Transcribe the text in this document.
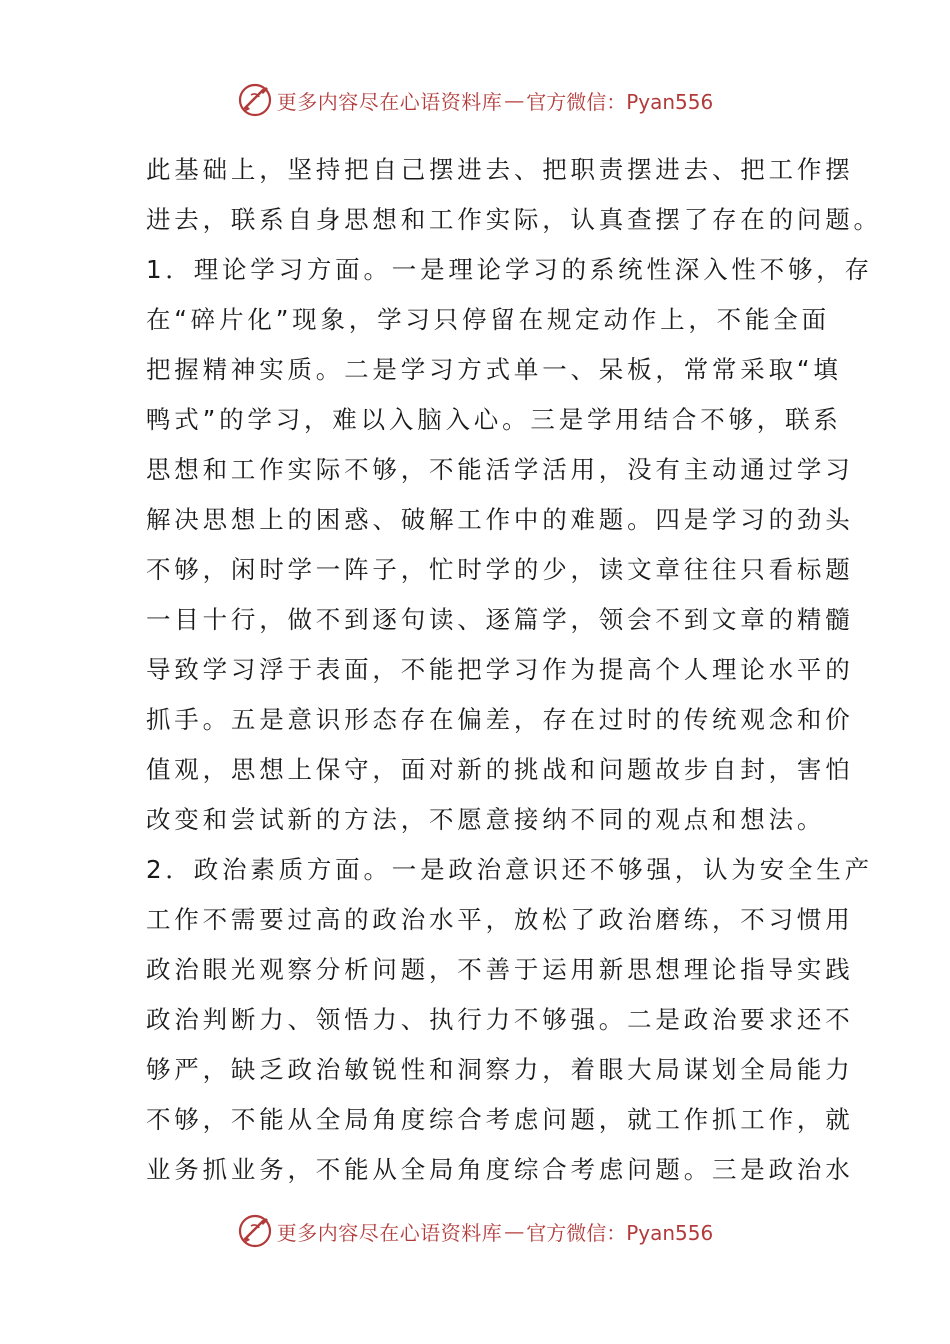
更多内容尽在心语资料库 — 官方微信：Pyan556
此基础上，坚持把自己摆进去、把职责摆进去、把工作摆
进去，联系自身思想和工作实际，认真查摆了存在的问题。
1．理论学习方面。一是理论学习的系统性深入性不够，存
在“碎片化”现象，学习只停留在规定动作上，不能全面
把握精神实质。二是学习方式单一、呆板，常常采取“填
鸭式”的学习，难以入脑入心。三是学用结合不够，联系
思想和工作实际不够，不能活学活用，没有主动通过学习
解决思想上的困惑、破解工作中的难题。四是学习的劲头
不够，闲时学一阵子，忙时学的少，读文章往往只看标题
一目十行，做不到逐句读、逐篇学，领会不到文章的精髓
导致学习浮于表面，不能把学习作为提高个人理论水平的
抓手。五是意识形态存在偏差，存在过时的传统观念和价
值观，思想上保守，面对新的挑战和问题故步自封，害怕
改变和尝试新的方法，不愿意接纳不同的观点和想法。
2．政治素质方面。一是政治意识还不够强，认为安全生产
工作不需要过高的政治水平，放松了政治磨练，不习惯用
政治眼光观察分析问题，不善于运用新思想理论指导实践
政治判断力、领悟力、执行力不够强。二是政治要求还不
够严，缺乏政治敏锐性和洞察力，着眼大局谋划全局能力
不够，不能从全局角度综合考虑问题，就工作抓工作，就
业务抓业务，不能从全局角度综合考虑问题。三是政治水
更多内容尽在心语资料库 — 官方微信：Pyan556
